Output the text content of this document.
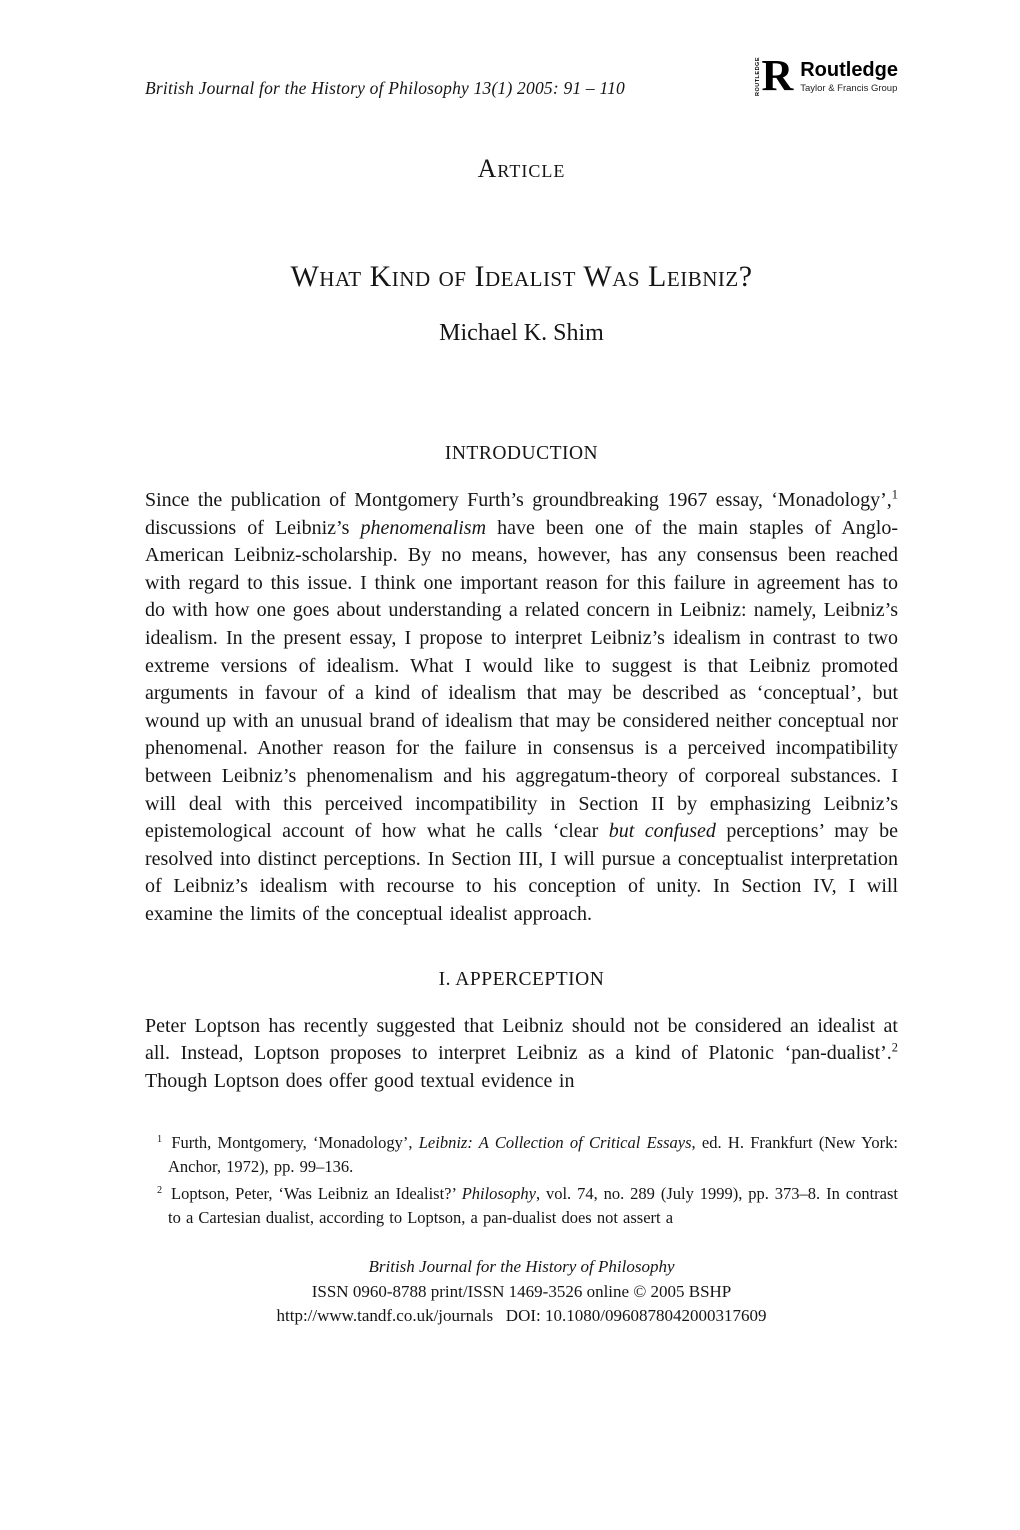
British Journal for the History of Philosophy 13(1) 2005: 91 – 110	ROUTLEDGE R Routledge
Taylor & Francis Group
Article
What Kind of Idealist Was Leibniz?
Michael K. Shim
INTRODUCTION

Since the publication of Montgomery Furth’s groundbreaking 1967 essay, ‘Monadology’,$^1$ discussions of Leibniz’s phenomenalism have been one of the main staples of Anglo-American Leibniz-scholarship. By no means, however, has any consensus been reached with regard to this issue. I think one important reason for this failure in agreement has to do with how one goes about understanding a related concern in Leibniz: namely, Leibniz’s idealism. In the present essay, I propose to interpret Leibniz’s idealism in contrast to two extreme versions of idealism. What I would like to suggest is that Leibniz promoted arguments in favour of a kind of idealism that may be described as ‘conceptual’, but wound up with an unusual brand of idealism that may be considered neither conceptual nor phenomenal. Another reason for the failure in consensus is a perceived incompatibility between Leibniz’s phenomenalism and his aggregatum-theory of corporeal substances. I will deal with this perceived incompatibility in Section II by emphasizing Leibniz’s epistemological account of how what he calls ‘clear but confused perceptions’ may be resolved into distinct perceptions. In Section III, I will pursue a conceptualist interpretation of Leibniz’s idealism with recourse to his conception of unity. In Section IV, I will examine the limits of the conceptual idealist approach.

I. APPERCEPTION

Peter Loptson has recently suggested that Leibniz should not be considered an idealist at all. Instead, Loptson proposes to interpret Leibniz as a kind of Platonic ‘pan-dualist’.$^2$ Though Loptson does offer good textual evidence in

$^1$ Furth, Montgomery, ‘Monadology’, Leibniz: A Collection of Critical Essays, ed. H. Frankfurt (New York: Anchor, 1972), pp. 99–136.

$^2$ Loptson, Peter, ‘Was Leibniz an Idealist?’ Philosophy, vol. 74, no. 289 (July 1999), pp. 373–8. In contrast to a Cartesian dualist, according to Loptson, a pan-dualist does not assert a

British Journal for the History of Philosophy
ISSN 0960-8788 print/ISSN 1469-3526 online © 2005 BSHP
http://www.tandf.co.uk/journals   DOI: 10.1080/0960878042000317609
